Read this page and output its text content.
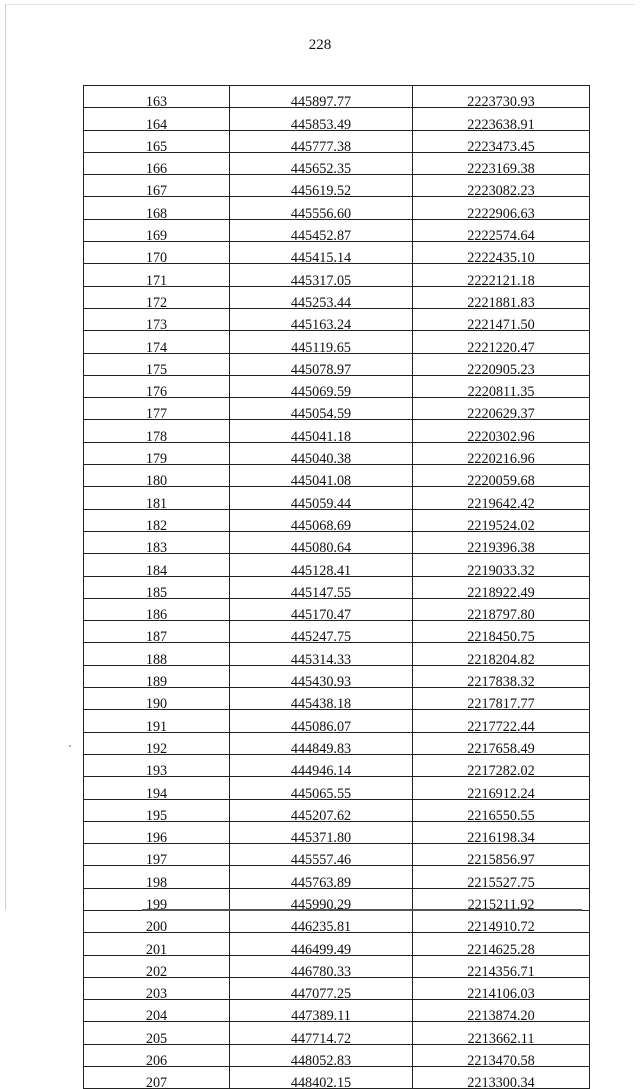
228
163	445897.77	2223730.93
164	445853.49	2223638.91
165	445777.38	2223473.45
166	445652.35	2223169.38
167	445619.52	2223082.23
168	445556.60	2222906.63
169	445452.87	2222574.64
170	445415.14	2222435.10
171	445317.05	2222121.18
172	445253.44	2221881.83
173	445163.24	2221471.50
174	445119.65	2221220.47
175	445078.97	2220905.23
176	445069.59	2220811.35
177	445054.59	2220629.37
178	445041.18	2220302.96
179	445040.38	2220216.96
180	445041.08	2220059.68
181	445059.44	2219642.42
182	445068.69	2219524.02
183	445080.64	2219396.38
184	445128.41	2219033.32
185	445147.55	2218922.49
186	445170.47	2218797.80
187	445247.75	2218450.75
188	445314.33	2218204.82
189	445430.93	2217838.32
190	445438.18	2217817.77
191	445086.07	2217722.44
192	444849.83	2217658.49
193	444946.14	2217282.02
194	445065.55	2216912.24
195	445207.62	2216550.55
196	445371.80	2216198.34
197	445557.46	2215856.97
198	445763.89	2215527.75
199	445990.29	2215211.92
200	446235.81	2214910.72
201	446499.49	2214625.28
202	446780.33	2214356.71
203	447077.25	2214106.03
204	447389.11	2213874.20
205	447714.72	2213662.11
206	448052.83	2213470.58
207	448402.15	2213300.34
